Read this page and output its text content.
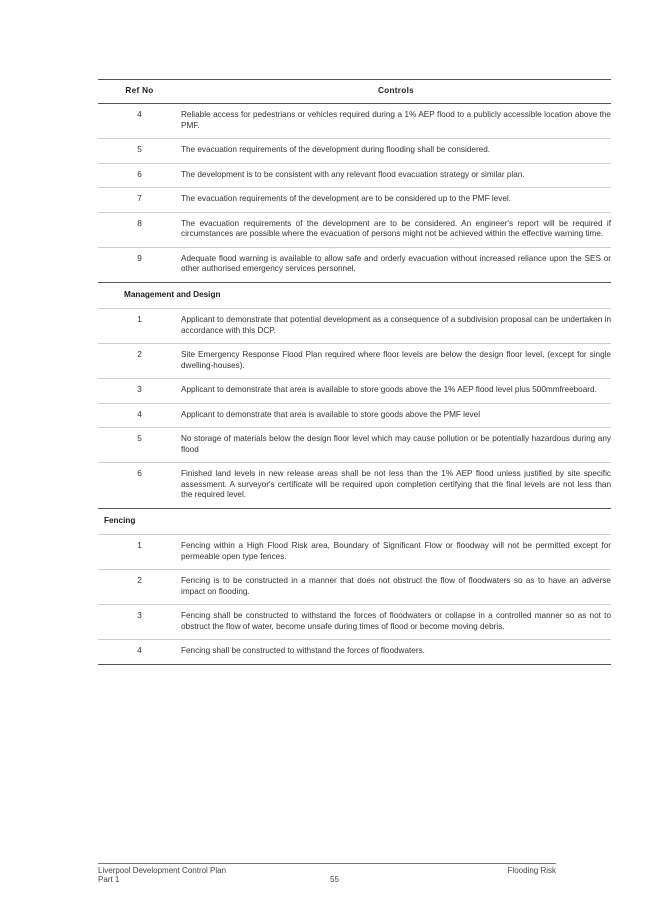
Ref No	Controls
4	Reliable access for pedestrians or vehicles required during a 1% AEP flood to a publicly accessible location above the PMF.
5	The evacuation requirements of the development during flooding shall be considered.
6	The development is to be consistent with any relevant flood evacuation strategy or similar plan.
7	The evacuation requirements of the development are to be considered up to the PMF level.
8	The evacuation requirements of the development are to be considered. An engineer's report will be required if circumstances are possible where the evacuation of persons might not be achieved within the effective warning time.
9	Adequate flood warning is available to allow safe and orderly evacuation without increased reliance upon the SES or other authorised emergency services personnel.
Management and Design	
1	Applicant to demonstrate that potential development as a consequence of a subdivision proposal can be undertaken in accordance with this DCP.
2	Site Emergency Response Flood Plan required where floor levels are below the design floor level, (except for single dwelling-houses).
3	Applicant to demonstrate that area is available to store goods above the 1% AEP flood level plus 500mmfreeboard.
4	Applicant to demonstrate that area is available to store goods above the PMF level
5	No storage of materials below the design floor level which may cause pollution or be potentially hazardous during any flood
6	Finished land levels in new release areas shall be not less than the 1% AEP flood unless justified by site specific assessment. A surveyor's certificate will be required upon completion certifying that the final levels are not less than the required level.
Fencing	
1	Fencing within a High Flood Risk area, Boundary of Significant Flow or floodway will not be permitted except for permeable open type fences.
2	Fencing is to be constructed in a manner that does not obstruct the flow of floodwaters so as to have an adverse impact on flooding.
3	Fencing shall be constructed to withstand the forces of floodwaters or collapse in a controlled manner so as not to obstruct the flow of water, become unsafe during times of flood or become moving debris.
4	Fencing shall be constructed to withstand the forces of floodwaters.
Liverpool Development Control Plan	Flooding Risk
Part 1	55
